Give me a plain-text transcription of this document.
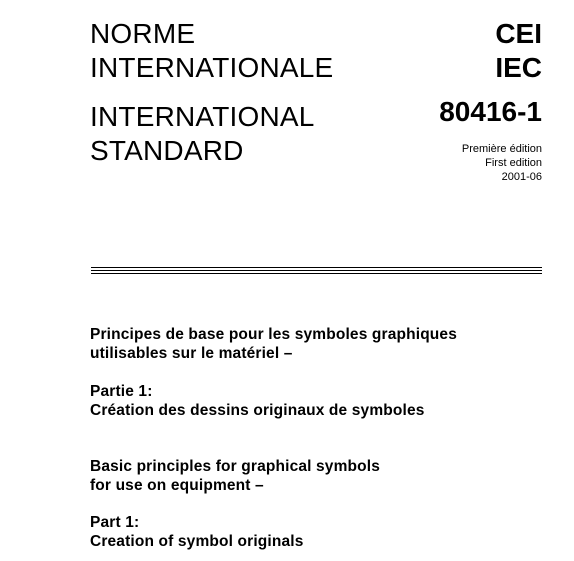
NORME
INTERNATIONALE
INTERNATIONAL
STANDARD
CEI
IEC
80416-1
Première édition
First edition
2001-06
Principes de base pour les symboles graphiques
utilisables sur le matériel –
Partie 1:
Création des dessins originaux de symboles
Basic principles for graphical symbols
for use on equipment –
Part 1:
Creation of symbol originals
